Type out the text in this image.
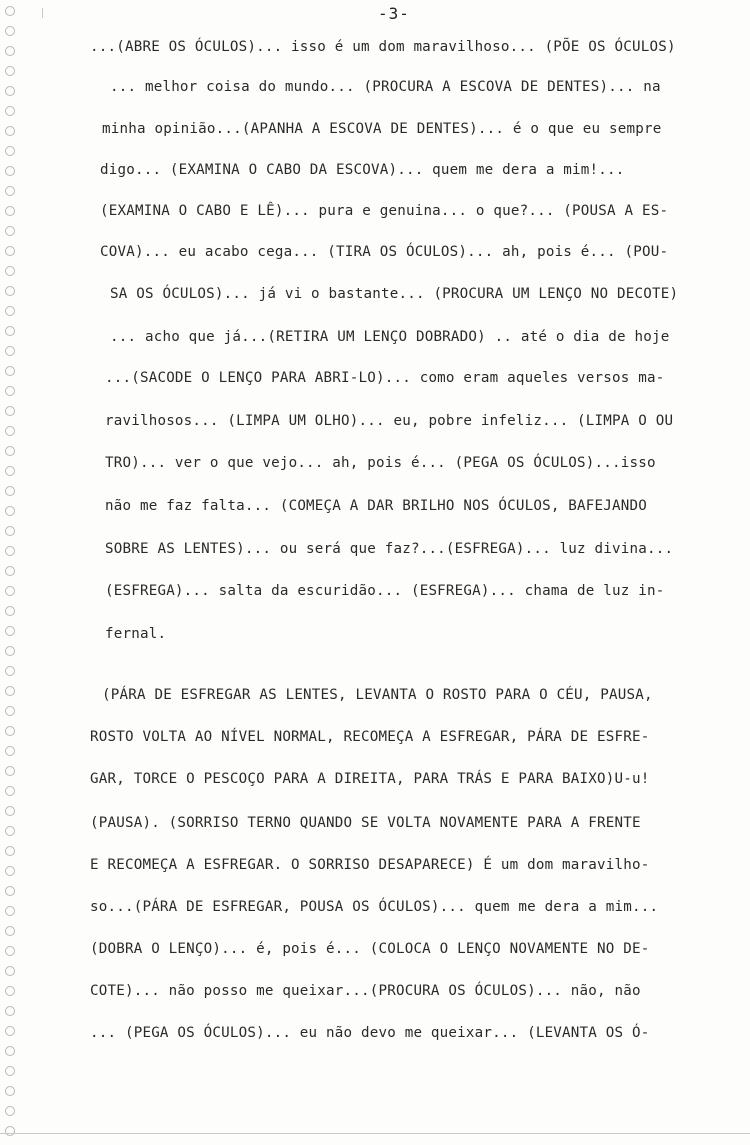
-3-
...(ABRE OS ÓCULOS)... isso é um dom maravilhoso... (PÕE OS ÓCULOS)
... melhor coisa do mundo... (PROCURA A ESCOVA DE DENTES)... na
minha opinião...(APANHA A ESCOVA DE DENTES)... é o que eu sempre
digo... (EXAMINA O CABO DA ESCOVA)... quem me dera a mim!...
(EXAMINA O CABO E LÊ)... pura e genuina... o que?... (POUSA A ES-
COVA)... eu acabo cega... (TIRA OS ÓCULOS)... ah, pois é... (POU-
SA OS ÓCULOS)... já vi o bastante... (PROCURA UM LENÇO NO DECOTE)
... acho que já...(RETIRA UM LENÇO DOBRADO) .. até o dia de hoje
...(SACODE O LENÇO PARA ABRI-LO)... como eram aqueles versos ma-
ravilhosos... (LIMPA UM OLHO)... eu, pobre infeliz... (LIMPA O OU
TRO)... ver o que vejo... ah, pois é... (PEGA OS ÓCULOS)...isso
não me faz falta... (COMEÇA A DAR BRILHO NOS ÓCULOS, BAFEJANDO
SOBRE AS LENTES)... ou será que faz?...(ESFREGA)... luz divina...
(ESFREGA)... salta da escuridão... (ESFREGA)... chama de luz in-
fernal.
(PÁRA DE ESFREGAR AS LENTES, LEVANTA O ROSTO PARA O CÉU, PAUSA,
ROSTO VOLTA AO NÍVEL NORMAL, RECOMEÇA A ESFREGAR, PÁRA DE ESFRE-
GAR, TORCE O PESCOÇO PARA A DIREITA, PARA TRÁS E PARA BAIXO)U-u!
(PAUSA). (SORRISO TERNO QUANDO SE VOLTA NOVAMENTE PARA A FRENTE
E RECOMEÇA A ESFREGAR. O SORRISO DESAPARECE) É um dom maravilho-
so...(PÁRA DE ESFREGAR, POUSA OS ÓCULOS)... quem me dera a mim...
(DOBRA O LENÇO)... é, pois é... (COLOCA O LENÇO NOVAMENTE NO DE-
COTE)... não posso me queixar...(PROCURA OS ÓCULOS)... não, não
... (PEGA OS ÓCULOS)... eu não devo me queixar... (LEVANTA OS Ó-
